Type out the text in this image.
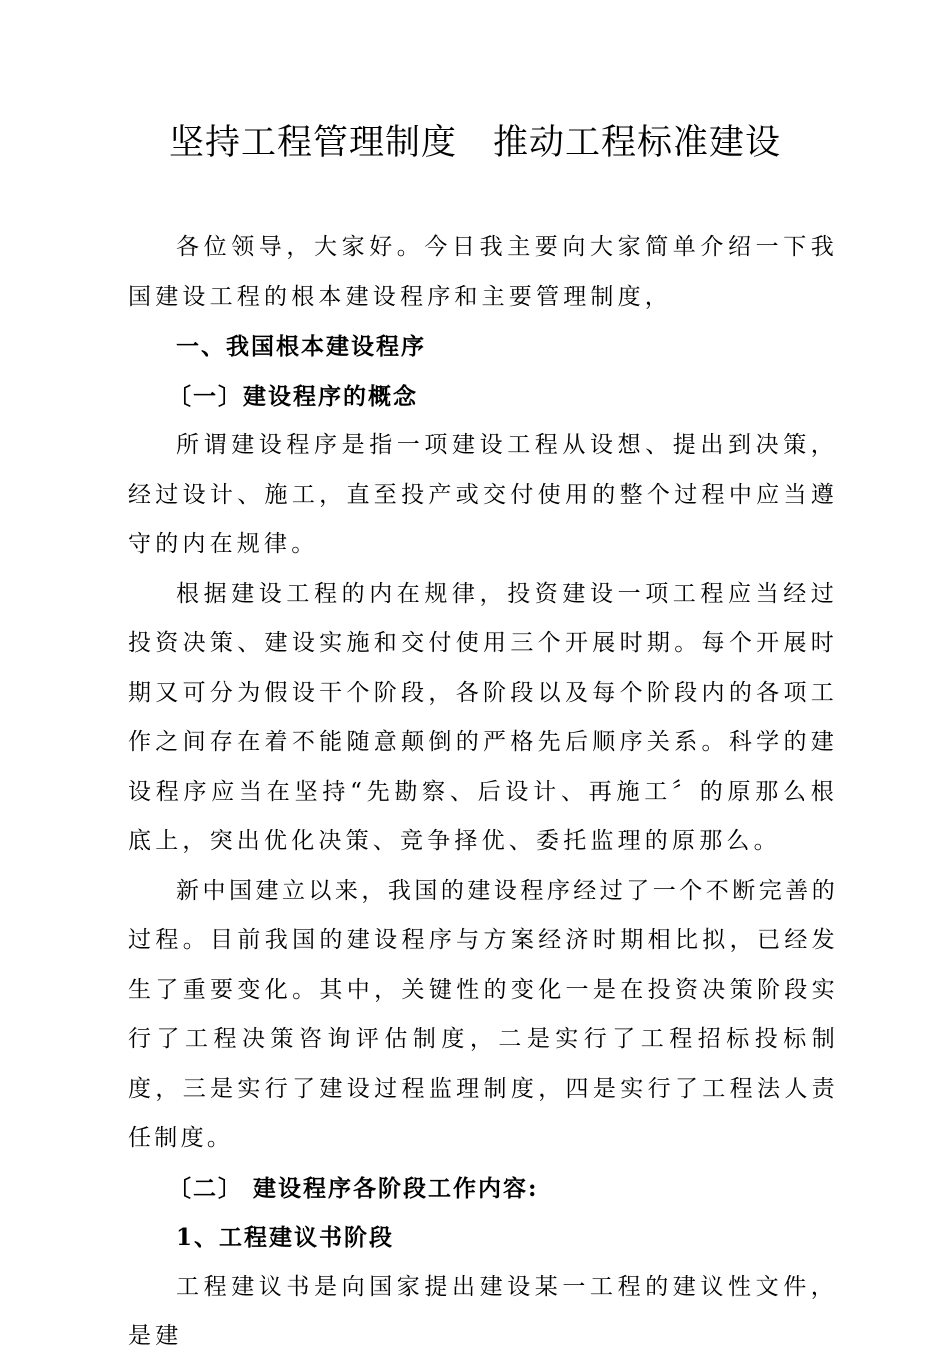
坚持工程管理制度　推动工程标准建设

各位领导，大家好。今日我主要向大家简单介绍一下我国建设工程的根本建设程序和主要管理制度，

一、我国根本建设程序

〔一〕建设程序的概念

所谓建设程序是指一项建设工程从设想、提出到决策，经过设计、施工，直至投产或交付使用的整个过程中应当遵守的内在规律。

根据建设工程的内在规律，投资建设一项工程应当经过投资决策、建设实施和交付使用三个开展时期。每个开展时期又可分为假设干个阶段，各阶段以及每个阶段内的各项工作之间存在着不能随意颠倒的严格先后顺序关系。科学的建设程序应当在坚持“先勘察、后设计、再施工〞的原那么根底上，突出优化决策、竞争择优、委托监理的原那么。

新中国建立以来，我国的建设程序经过了一个不断完善的过程。目前我国的建设程序与方案经济时期相比拟，已经发生了重要变化。其中，关键性的变化一是在投资决策阶段实行了工程决策咨询评估制度，二是实行了工程招标投标制度，三是实行了建设过程监理制度，四是实行了工程法人责任制度。

〔二〕 建设程序各阶段工作内容:

1、工程建议书阶段

工程建议书是向国家提出建设某一工程的建议性文件，是建
